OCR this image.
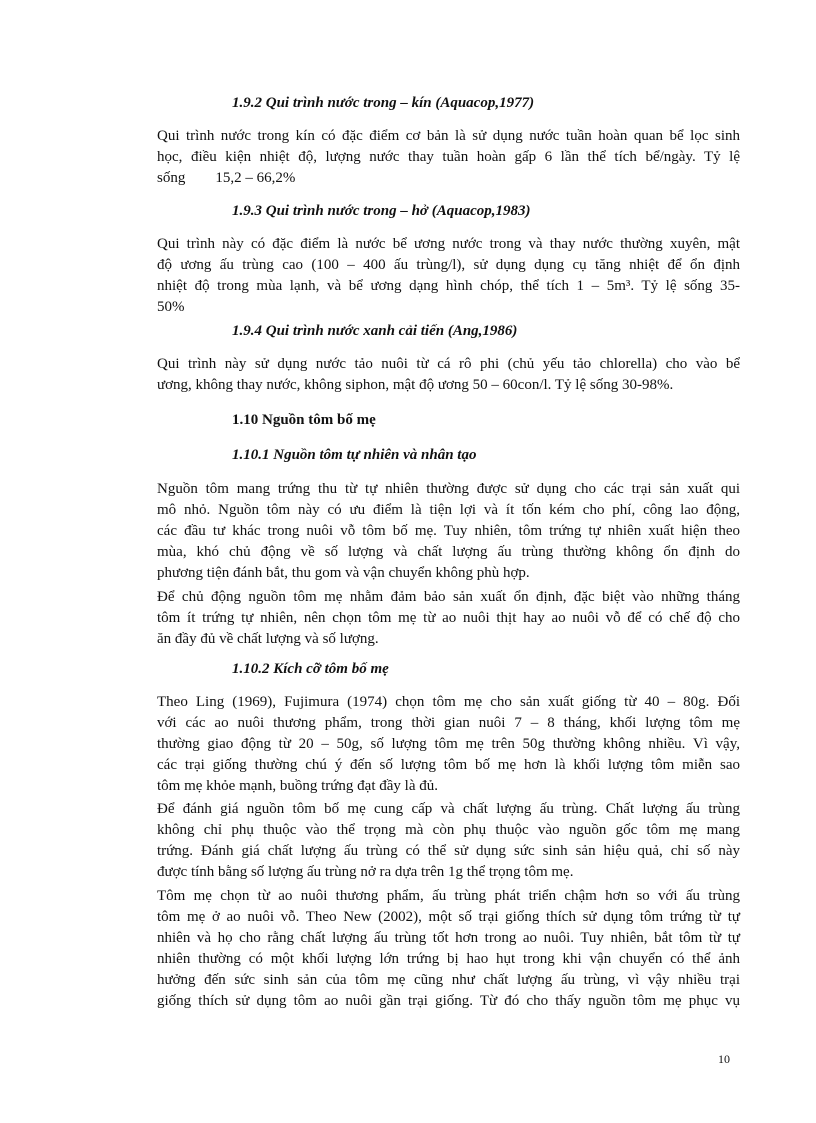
1.9.2 Qui trình nước trong – kín (Aquacop,1977)

Qui trình nước trong kín có đặc điểm cơ bản là sử dụng nước tuần hoàn quan bể lọc sinh
học, điều kiện nhiệt độ, lượng nước thay tuần hoàn gấp 6 lần thể tích bể/ngày. Tỷ lệ
sống        15,2 – 66,2%

1.9.3 Qui trình nước trong – hở (Aquacop,1983)

Qui trình này có đặc điểm là nước bể ương nước trong và thay nước thường xuyên, mật
độ ương ấu trùng cao (100 – 400 ấu trùng/l), sử dụng dụng cụ tăng nhiệt để ổn định
nhiệt độ trong mùa lạnh, và bể ương dạng hình chóp, thể tích 1 – 5m³. Tỷ lệ sống 35-
50%

1.9.4 Qui trình nước xanh cải tiến (Ang,1986)

Qui trình này sử dụng nước tảo nuôi từ cá rô phi (chủ yếu tảo chlorella) cho vào bể
ương, không thay nước, không siphon, mật độ ương 50 – 60con/l. Tỷ lệ sống 30-98%.

1.10 Nguồn tôm bố mẹ
1.10.1 Nguồn tôm tự nhiên và nhân tạo

Nguồn tôm mang trứng thu từ tự nhiên thường được sử dụng cho các trại sản xuất qui
mô nhỏ. Nguồn tôm này có ưu điểm là tiện lợi và ít tốn kém cho phí, công lao động,
các đầu tư khác trong nuôi vỗ tôm bố mẹ. Tuy nhiên, tôm trứng tự nhiên xuất hiện theo
mùa, khó chủ động về số lượng và chất lượng ấu trùng thường không ổn định do
phương tiện đánh bắt, thu gom và vận chuyển không phù hợp.

Để chủ động nguồn tôm mẹ nhằm đảm bảo sản xuất ổn định, đặc biệt vào những tháng
tôm ít trứng tự nhiên, nên chọn tôm mẹ từ ao nuôi thịt hay ao nuôi vỗ để có chế độ cho
ăn đầy đủ về chất lượng và số lượng.

1.10.2 Kích cỡ tôm bố mẹ

Theo Ling (1969), Fujimura (1974) chọn tôm mẹ cho sản xuất giống từ 40 – 80g. Đối
với các ao nuôi thương phẩm, trong thời gian nuôi 7 – 8 tháng, khối lượng tôm mẹ
thường giao động từ 20 – 50g, số lượng tôm mẹ trên 50g thường không nhiều. Vì vậy,
các trại giống thường chú ý đến số lượng tôm bố mẹ hơn là khối lượng tôm miễn sao
tôm mẹ khỏe mạnh, buồng trứng đạt đầy là đủ.

Để đánh giá nguồn tôm bố mẹ cung cấp và chất lượng ấu trùng. Chất lượng ấu trùng
không chỉ phụ thuộc vào thể trọng mà còn phụ thuộc vào nguồn gốc tôm mẹ mang
trứng. Đánh giá chất lượng ấu trùng có thể sử dụng sức sinh sản hiệu quả, chỉ số này
được tính bằng số lượng ấu trùng nở ra dựa trên 1g thể trọng tôm mẹ.

Tôm mẹ chọn từ ao nuôi thương phẩm, ấu trùng phát triển chậm hơn so với ấu trùng
tôm mẹ ở ao nuôi vỗ. Theo New (2002), một số trại giống thích sử dụng tôm trứng từ tự
nhiên và họ cho rằng chất lượng ấu trùng tốt hơn trong ao nuôi. Tuy nhiên, bắt tôm từ tự
nhiên thường có một khối lượng lớn trứng bị hao hụt trong khi vận chuyển có thể ảnh
hưởng đến sức sinh sản của tôm mẹ cũng như chất lượng ấu trùng, vì vậy nhiều trại
giống thích sử dụng tôm ao nuôi gần trại giống. Từ đó cho thấy nguồn tôm mẹ phục vụ

10
